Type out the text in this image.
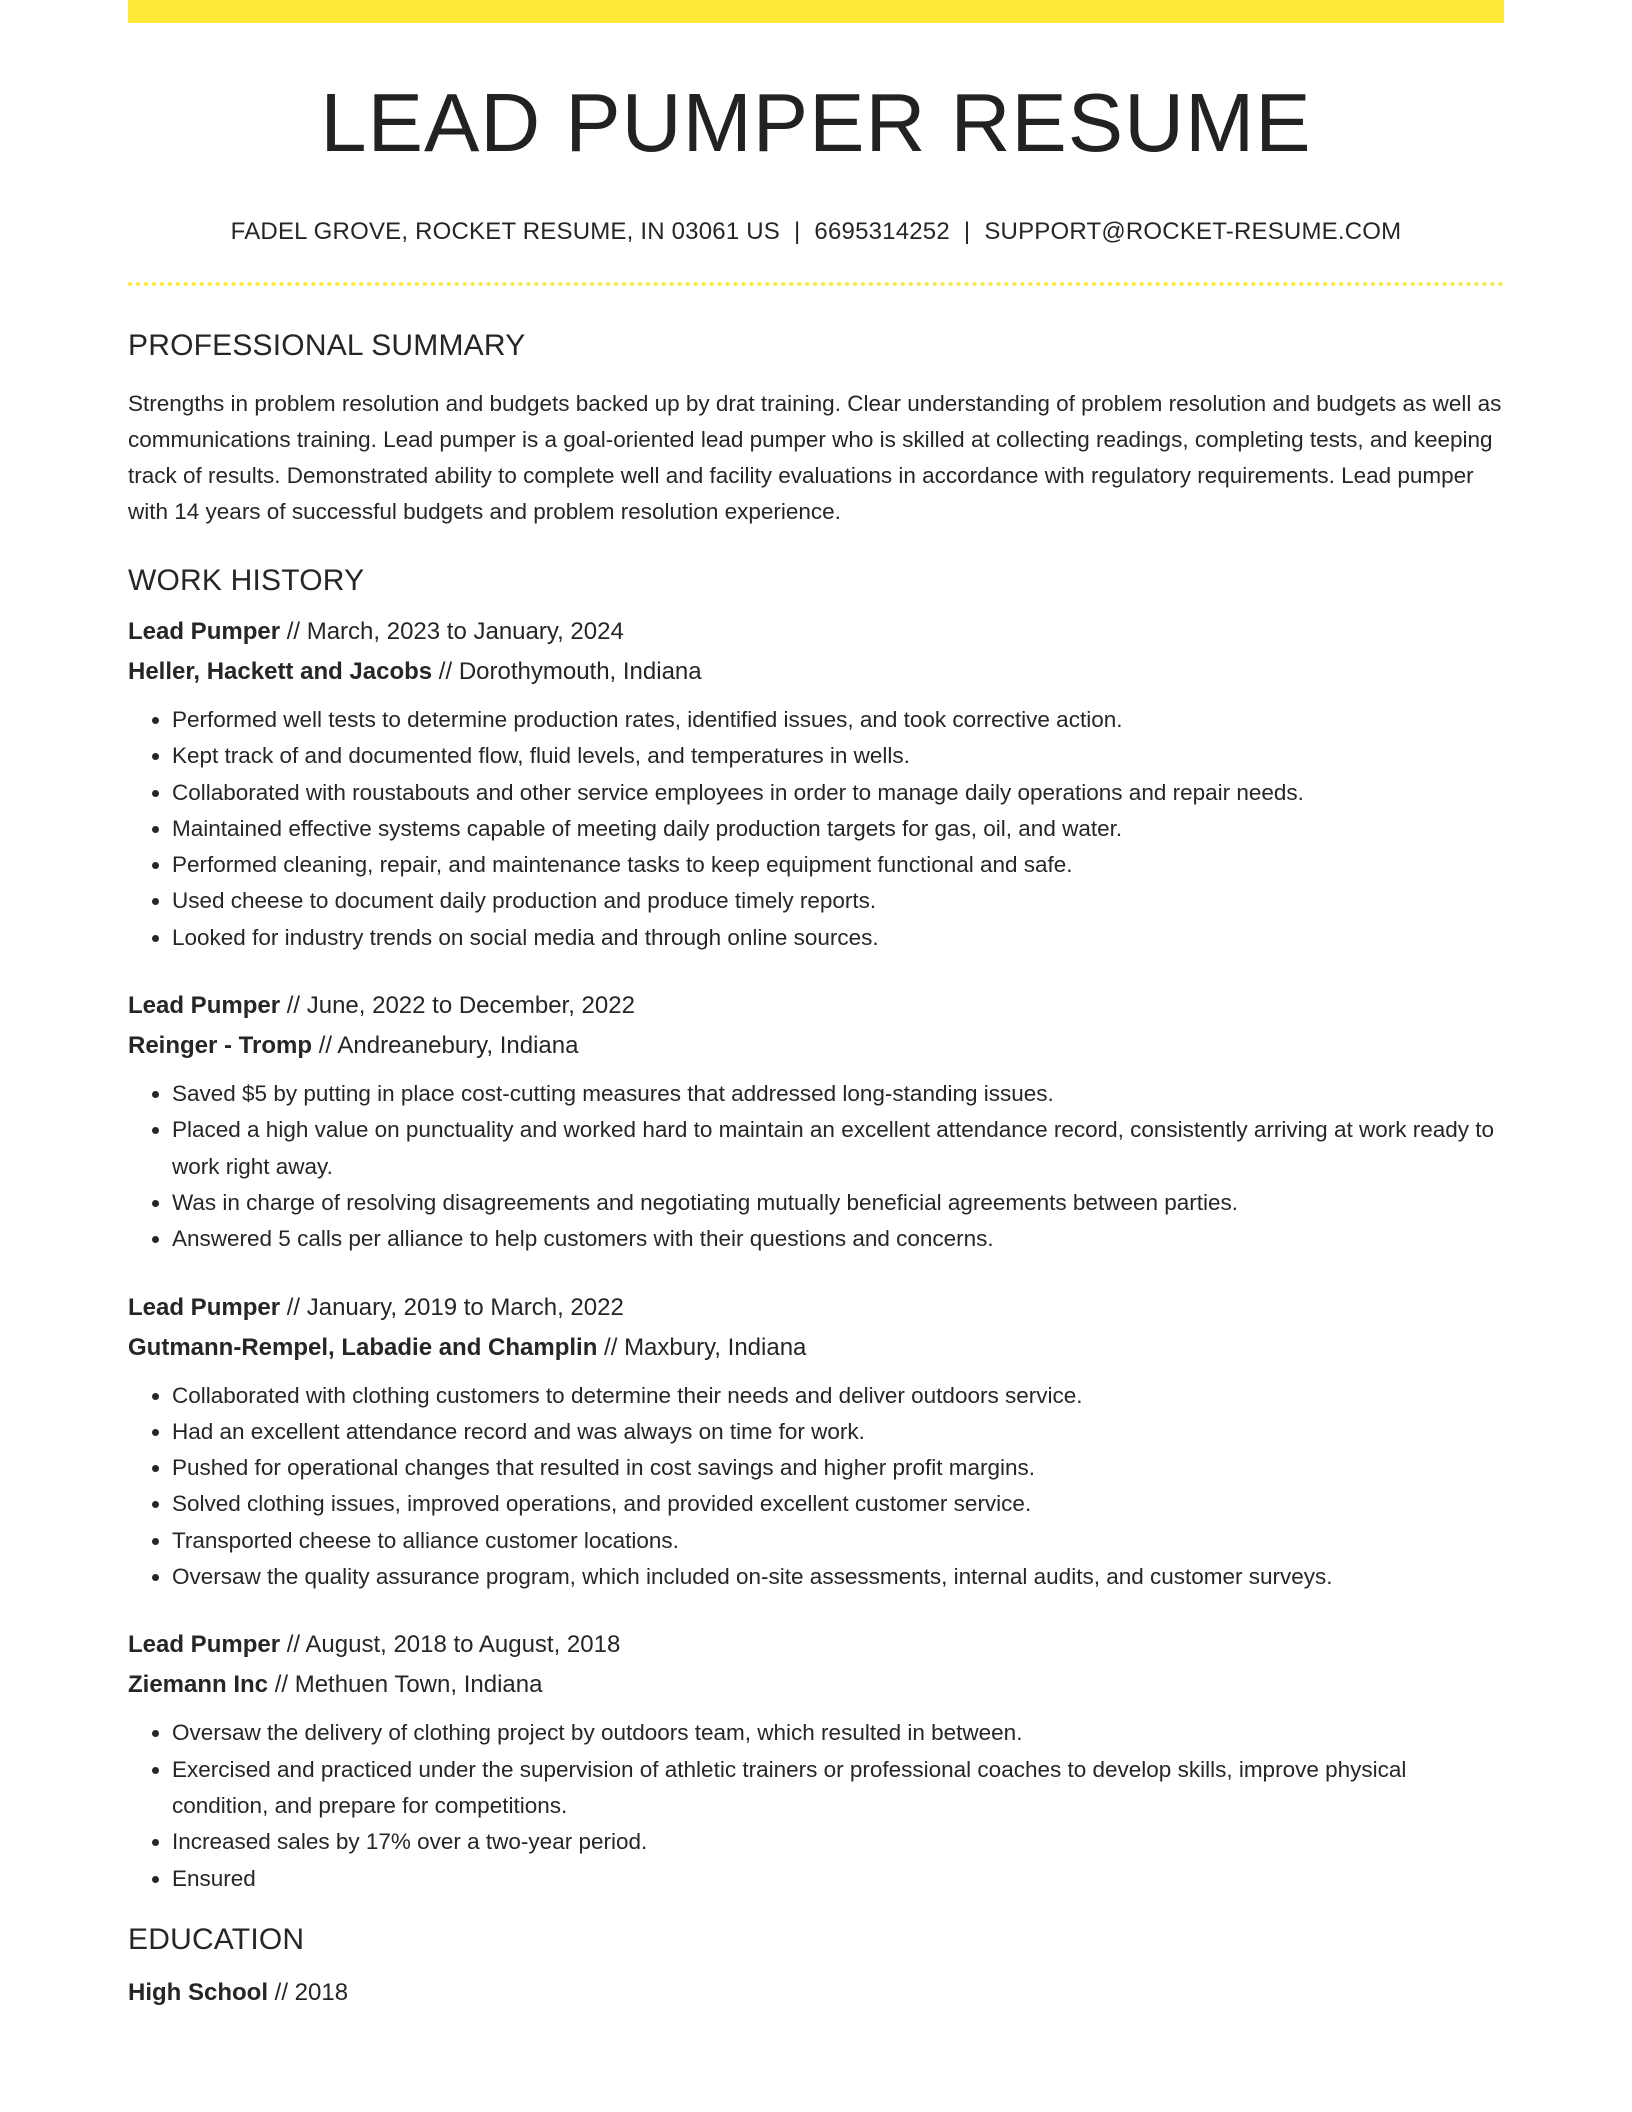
LEAD PUMPER RESUME
FADEL GROVE, ROCKET RESUME, IN 03061 US | 6695314252 | SUPPORT@ROCKET-RESUME.COM
PROFESSIONAL SUMMARY

Strengths in problem resolution and budgets backed up by drat training. Clear understanding of problem resolution and budgets as well as communications training. Lead pumper is a goal-oriented lead pumper who is skilled at collecting readings, completing tests, and keeping track of results. Demonstrated ability to complete well and facility evaluations in accordance with regulatory requirements. Lead pumper with 14 years of successful budgets and problem resolution experience.

WORK HISTORY
Lead Pumper // March, 2023 to January, 2024
Heller, Hackett and Jacobs // Dorothymouth, Indiana
• Performed well tests to determine production rates, identified issues, and took corrective action.
• Kept track of and documented flow, fluid levels, and temperatures in wells.
• Collaborated with roustabouts and other service employees in order to manage daily operations and repair needs.
• Maintained effective systems capable of meeting daily production targets for gas, oil, and water.
• Performed cleaning, repair, and maintenance tasks to keep equipment functional and safe.
• Used cheese to document daily production and produce timely reports.
• Looked for industry trends on social media and through online sources.
Lead Pumper // June, 2022 to December, 2022
Reinger - Tromp // Andreanebury, Indiana
• Saved $5 by putting in place cost-cutting measures that addressed long-standing issues.
• Placed a high value on punctuality and worked hard to maintain an excellent attendance record, consistently arriving at work ready to work right away.
• Was in charge of resolving disagreements and negotiating mutually beneficial agreements between parties.
• Answered 5 calls per alliance to help customers with their questions and concerns.
Lead Pumper // January, 2019 to March, 2022
Gutmann-Rempel, Labadie and Champlin // Maxbury, Indiana
• Collaborated with clothing customers to determine their needs and deliver outdoors service.
• Had an excellent attendance record and was always on time for work.
• Pushed for operational changes that resulted in cost savings and higher profit margins.
• Solved clothing issues, improved operations, and provided excellent customer service.
• Transported cheese to alliance customer locations.
• Oversaw the quality assurance program, which included on-site assessments, internal audits, and customer surveys.
Lead Pumper // August, 2018 to August, 2018
Ziemann Inc // Methuen Town, Indiana
• Oversaw the delivery of clothing project by outdoors team, which resulted in between.
• Exercised and practiced under the supervision of athletic trainers or professional coaches to develop skills, improve physical condition, and prepare for competitions.
• Increased sales by 17% over a two-year period.
• Ensured
EDUCATION
High School // 2018
